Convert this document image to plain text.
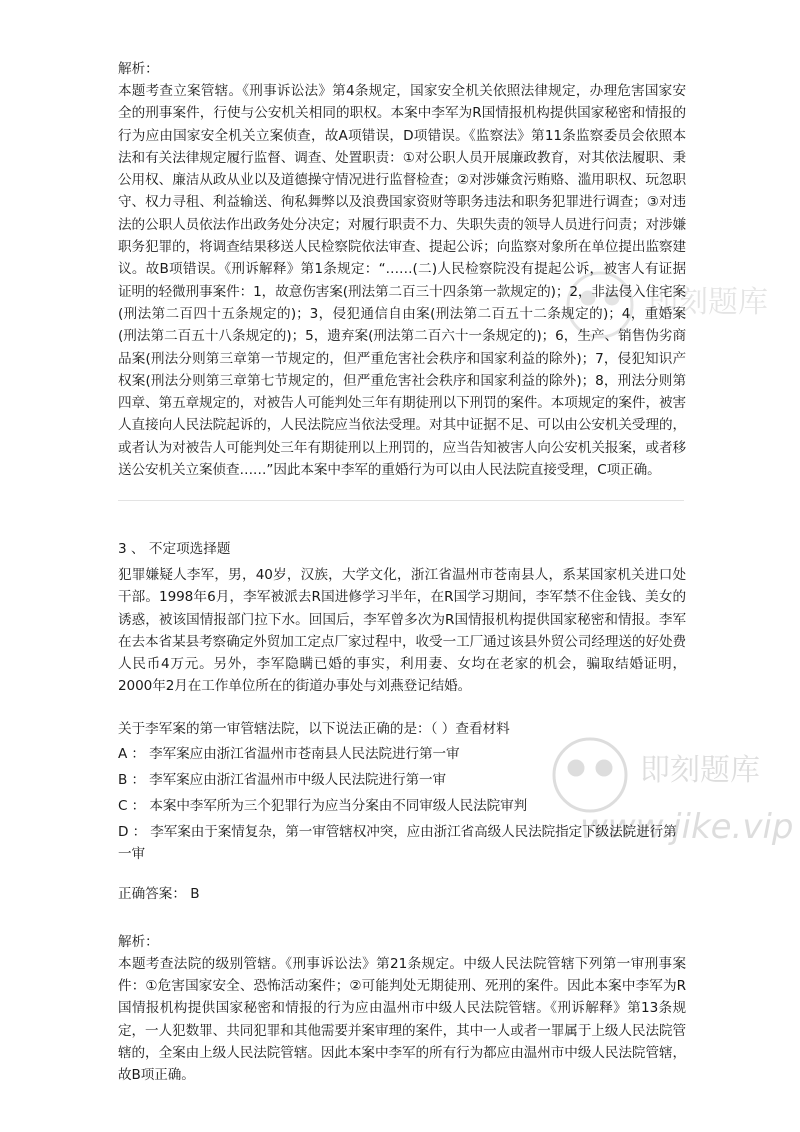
解析：

本题考查立案管辖。《刑事诉讼法》第4条规定，国家安全机关依照法律规定，办理危害国家安全的刑事案件，行使与公安机关相同的职权。本案中李军为R国情报机构提供国家秘密和情报的行为应由国家安全机关立案侦查，故A项错误，D项错误。《监察法》第11条监察委员会依照本法和有关法律规定履行监督、调查、处置职责：①对公职人员开展廉政教育，对其依法履职、秉公用权、廉洁从政从业以及道德操守情况进行监督检查；②对涉嫌贪污贿赂、滥用职权、玩忽职守、权力寻租、利益输送、徇私舞弊以及浪费国家资财等职务违法和职务犯罪进行调查；③对违法的公职人员依法作出政务处分决定；对履行职责不力、失职失责的领导人员进行问责；对涉嫌职务犯罪的，将调查结果移送人民检察院依法审查、提起公诉；向监察对象所在单位提出监察建议。故B项错误。《刑诉解释》第1条规定：“……(二)人民检察院没有提起公诉，被害人有证据证明的轻微刑事案件：1，故意伤害案(刑法第二百三十四条第一款规定的)；2，非法侵入住宅案(刑法第二百四十五条规定的)；3，侵犯通信自由案(刑法第二百五十二条规定的)；4，重婚案(刑法第二百五十八条规定的)；5，遗弃案(刑法第二百六十一条规定的)；6，生产、销售伪劣商品案(刑法分则第三章第一节规定的，但严重危害社会秩序和国家利益的除外)；7，侵犯知识产权案(刑法分则第三章第七节规定的，但严重危害社会秩序和国家利益的除外)；8，刑法分则第四章、第五章规定的，对被告人可能判处三年有期徒刑以下刑罚的案件。本项规定的案件，被害人直接向人民法院起诉的，人民法院应当依法受理。对其中证据不足、可以由公安机关受理的，或者认为对被告人可能判处三年有期徒刑以上刑罚的，应当告知被害人向公安机关报案，或者移送公安机关立案侦查……”因此本案中李军的重婚行为可以由人民法院直接受理，C项正确。

3 、 不定项选择题

犯罪嫌疑人李军，男，40岁，汉族，大学文化，浙江省温州市苍南县人，系某国家机关进口处干部。1998年6月，李军被派去R国进修学习半年，在R国学习期间，李军禁不住金钱、美女的诱惑，被该国情报部门拉下水。回国后，李军曾多次为R国情报机构提供国家秘密和情报。李军在去本省某县考察确定外贸加工定点厂家过程中，收受一工厂通过该县外贸公司经理送的好处费人民币4万元。另外，李军隐瞒已婚的事实，利用妻、女均在老家的机会，骗取结婚证明，2000年2月在工作单位所在的街道办事处与刘燕登记结婚。

关于李军案的第一审管辖法院，以下说法正确的是：（ ）查看材料

A ： 李军案应由浙江省温州市苍南县人民法院进行第一审

B ： 李军案应由浙江省温州市中级人民法院进行第一审

C ： 本案中李军所为三个犯罪行为应当分案由不同审级人民法院审判

D ： 李军案由于案情复杂，第一审管辖权冲突，应由浙江省高级人民法院指定下级法院进行第一审

正确答案： B

解析：

本题考查法院的级别管辖。《刑事诉讼法》第21条规定。中级人民法院管辖下列第一审刑事案件：①危害国家安全、恐怖活动案件；②可能判处无期徒刑、死刑的案件。因此本案中李军为R国情报机构提供国家秘密和情报的行为应由温州市中级人民法院管辖。《刑诉解释》第13条规定，一人犯数罪、共同犯罪和其他需要并案审理的案件，其中一人或者一罪属于上级人民法院管辖的，全案由上级人民法院管辖。因此本案中李军的所有行为都应由温州市中级人民法院管辖，故B项正确。

即刻题库
即刻题库
www.jike.vip
